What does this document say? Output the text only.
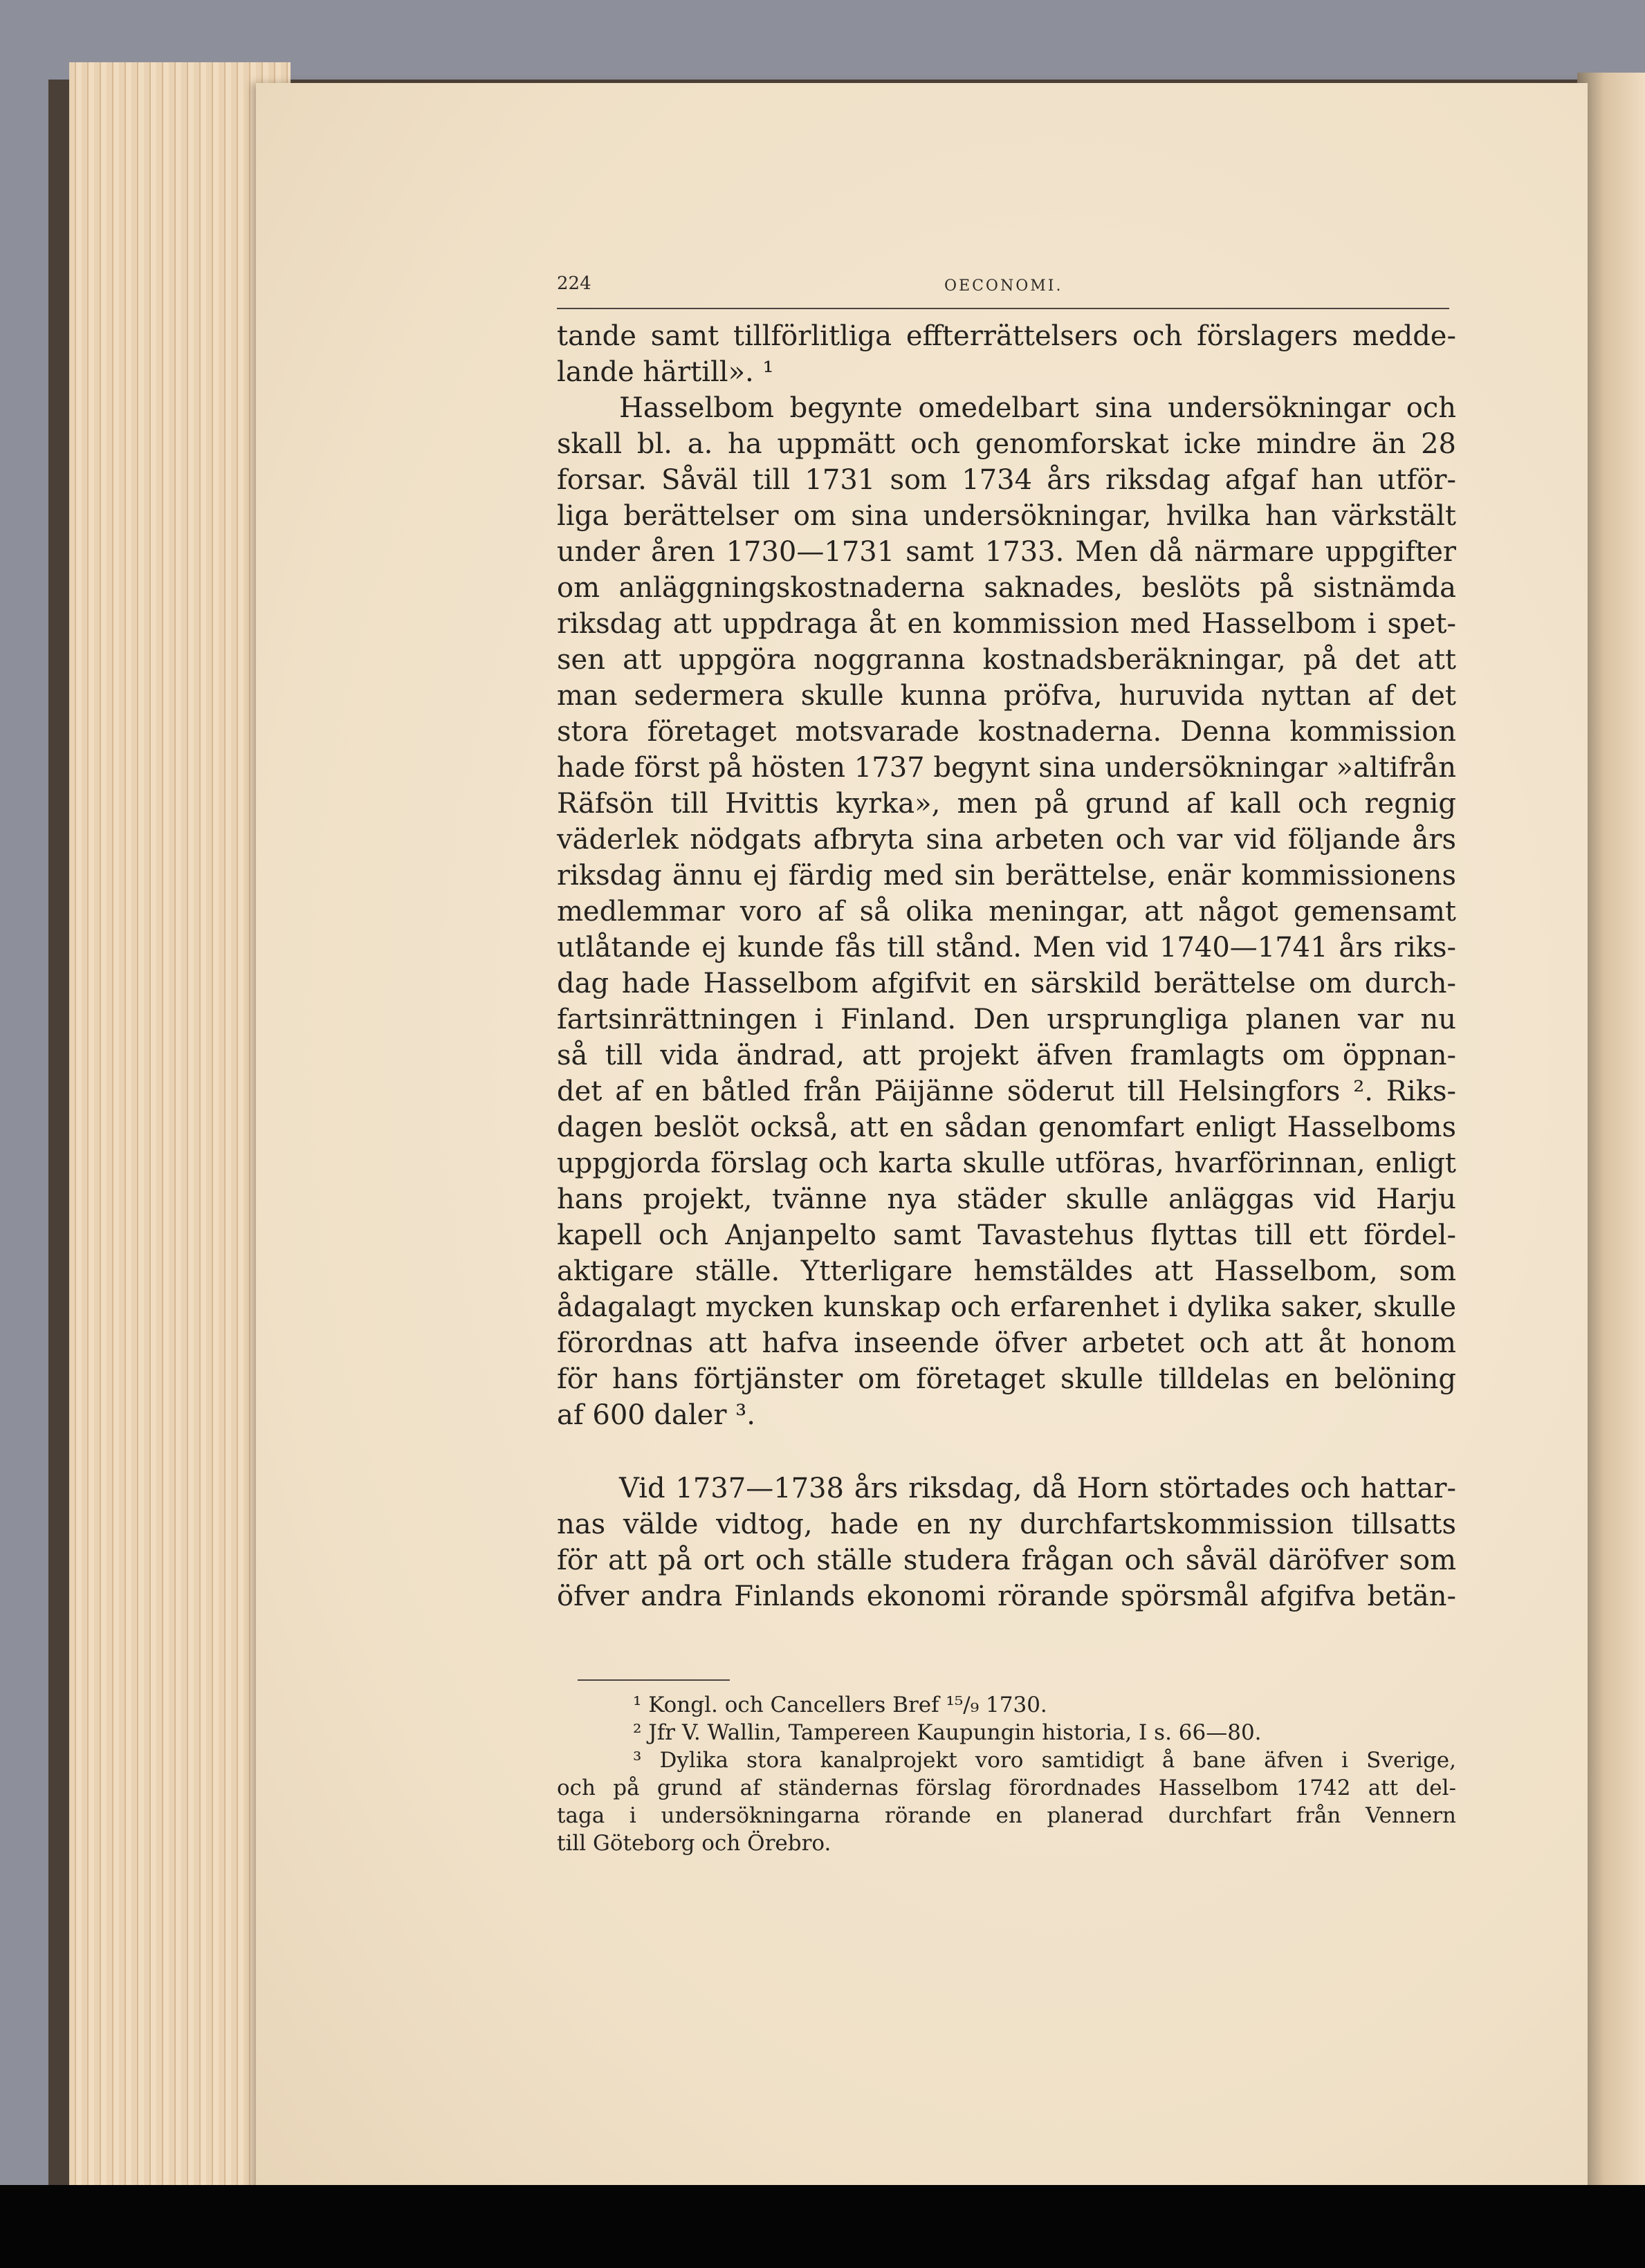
224	OECONOMI.
tande samt tillförlitliga effterrättelsers och förslagers medde-
lande härtill». ¹
Hasselbom begynte omedelbart sina undersökningar och
skall bl. a. ha uppmätt och genomforskat icke mindre än 28
forsar. Såväl till 1731 som 1734 års riksdag afgaf han utför-
liga berättelser om sina undersökningar, hvilka han värkstält
under åren 1730—1731 samt 1733. Men då närmare uppgifter
om anläggningskostnaderna saknades, beslöts på sistnämda
riksdag att uppdraga åt en kommission med Hasselbom i spet-
sen att uppgöra noggranna kostnadsberäkningar, på det att
man sedermera skulle kunna pröfva, huruvida nyttan af det
stora företaget motsvarade kostnaderna. Denna kommission
hade först på hösten 1737 begynt sina undersökningar »altifrån
Räfsön till Hvittis kyrka», men på grund af kall och regnig
väderlek nödgats afbryta sina arbeten och var vid följande års
riksdag ännu ej färdig med sin berättelse, enär kommissionens
medlemmar voro af så olika meningar, att något gemensamt
utlåtande ej kunde fås till stånd. Men vid 1740—1741 års riks-
dag hade Hasselbom afgifvit en särskild berättelse om durch-
fartsinrättningen i Finland. Den ursprungliga planen var nu
så till vida ändrad, att projekt äfven framlagts om öppnan-
det af en båtled från Päijänne söderut till Helsingfors ². Riks-
dagen beslöt också, att en sådan genomfart enligt Hasselboms
uppgjorda förslag och karta skulle utföras, hvarförinnan, enligt
hans projekt, tvänne nya städer skulle anläggas vid Harju
kapell och Anjanpelto samt Tavastehus flyttas till ett fördel-
aktigare ställe. Ytterligare hemstäldes att Hasselbom, som
ådagalagt mycken kunskap och erfarenhet i dylika saker, skulle
förordnas att hafva inseende öfver arbetet och att åt honom
för hans förtjänster om företaget skulle tilldelas en belöning
af 600 daler ³.
Vid 1737—1738 års riksdag, då Horn störtades och hattar-
nas välde vidtog, hade en ny durchfartskommission tillsatts
för att på ort och ställe studera frågan och såväl däröfver som
öfver andra Finlands ekonomi rörande spörsmål afgifva betän-
¹ Kongl. och Cancellers Bref ¹⁵/₉ 1730.
² Jfr V. Wallin, Tampereen Kaupungin historia, I s. 66—80.
³ Dylika stora kanalprojekt voro samtidigt å bane äfven i Sverige,
och på grund af ständernas förslag förordnades Hasselbom 1742 att del-
taga i undersökningarna rörande en planerad durchfart från Vennern
till Göteborg och Örebro.
